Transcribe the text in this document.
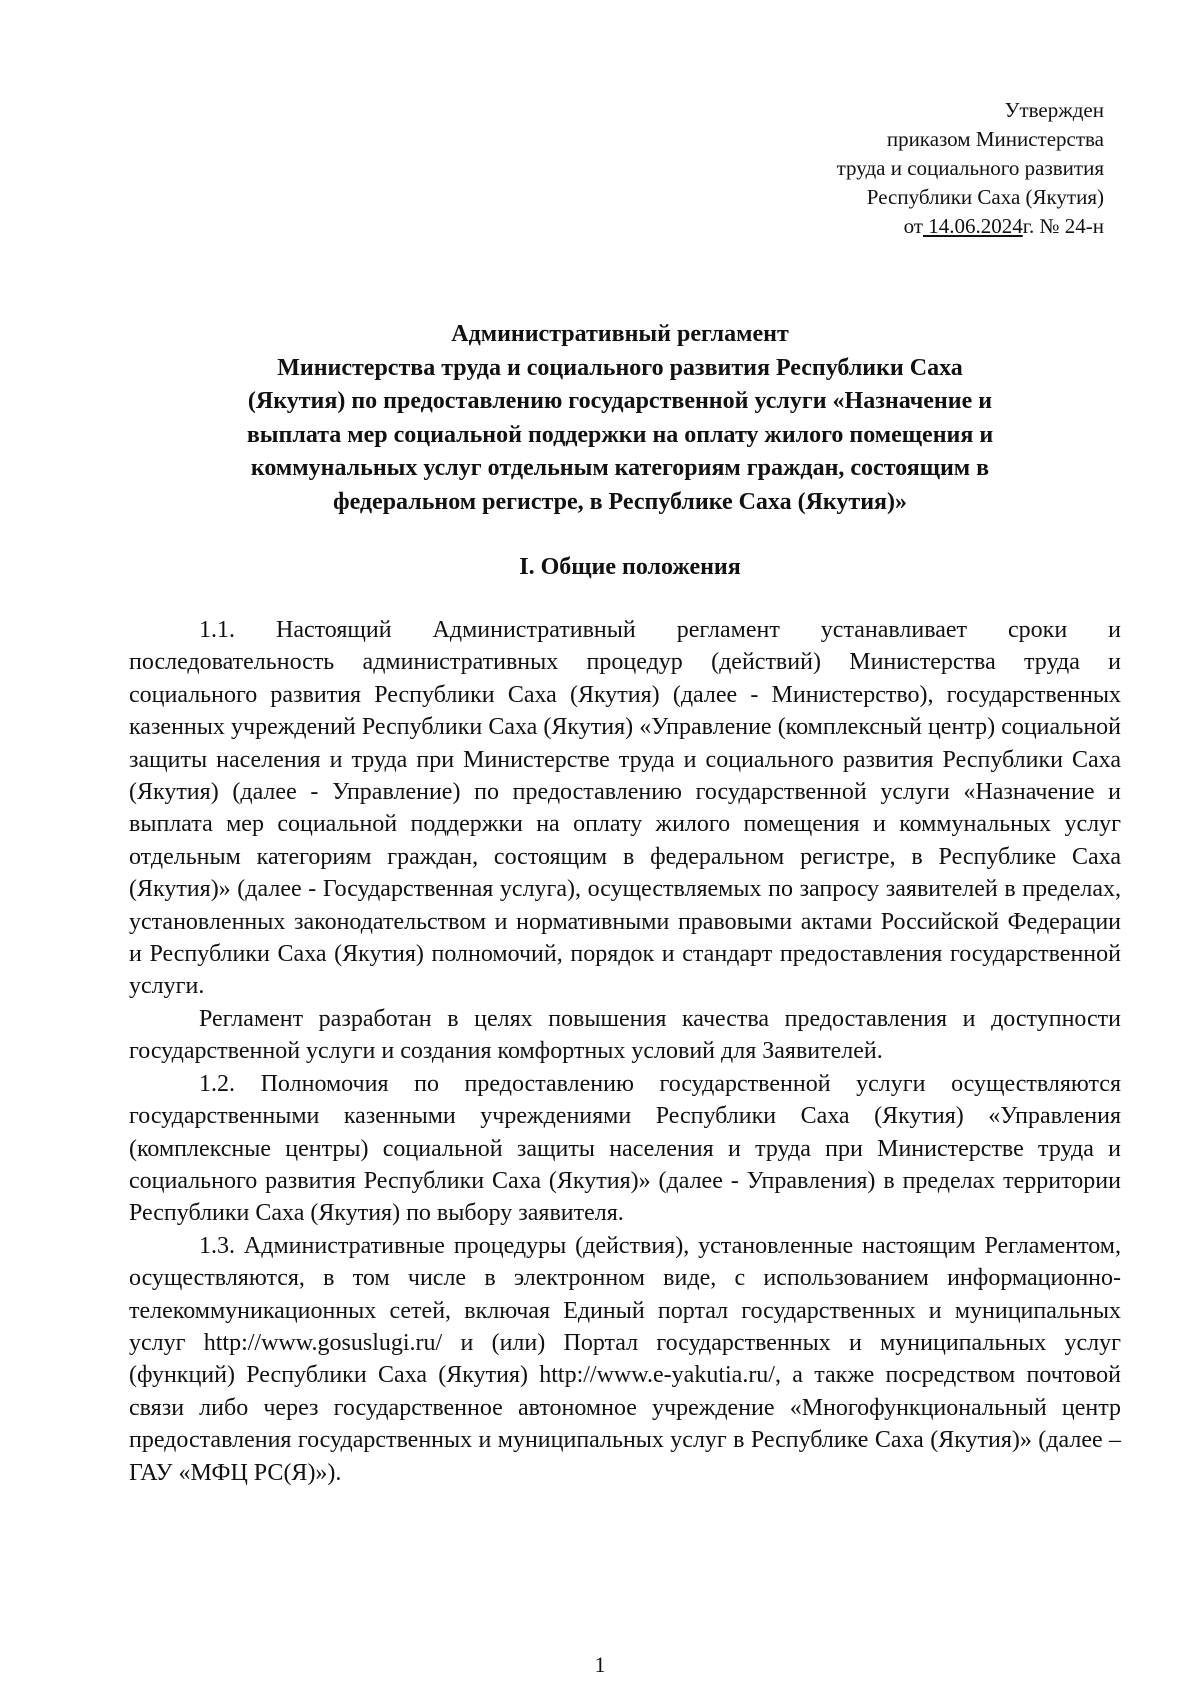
Утвержден
приказом Министерства
труда и социального развития
Республики Саха (Якутия)
от 14.06.2024г. № 24-н
Административный регламент
Министерства труда и социального развития Республики Саха
(Якутия) по предоставлению государственной услуги «Назначение и
выплата мер социальной поддержки на оплату жилого помещения и
коммунальных услуг отдельным категориям граждан, состоящим в
федеральном регистре, в Республике Саха (Якутия)»
I. Общие положения

1.1. Настоящий Административный регламент устанавливает сроки и последовательность административных процедур (действий) Министерства труда и социального развития Республики Саха (Якутия) (далее - Министерство), государственных казенных учреждений Республики Саха (Якутия) «Управление (комплексный центр) социальной защиты населения и труда при Министерстве труда и социального развития Республики Саха (Якутия) (далее - Управление) по предоставлению государственной услуги «Назначение и выплата мер социальной поддержки на оплату жилого помещения и коммунальных услуг отдельным категориям граждан, состоящим в федеральном регистре, в Республике Саха (Якутия)» (далее - Государственная услуга), осуществляемых по запросу заявителей в пределах, установленных законодательством и нормативными правовыми актами Российской Федерации и Республики Саха (Якутия) полномочий, порядок и стандарт предоставления государственной услуги.

Регламент разработан в целях повышения качества предоставления и доступности государственной услуги и создания комфортных условий для Заявителей.

1.2. Полномочия по предоставлению государственной услуги осуществляются государственными казенными учреждениями Республики Саха (Якутия) «Управления (комплексные центры) социальной защиты населения и труда при Министерстве труда и социального развития Республики Саха (Якутия)» (далее - Управления) в пределах территории Республики Саха (Якутия) по выбору заявителя.

1.3. Административные процедуры (действия), установленные настоящим Регламентом, осуществляются, в том числе в электронном виде, с использованием информационно-телекоммуникационных сетей, включая Единый портал государственных и муниципальных услуг http://www.gosuslugi.ru/ и (или) Портал государственных и муниципальных услуг (функций) Республики Саха (Якутия) http://www.e-yakutia.ru/, а также посредством почтовой связи либо через государственное автономное учреждение «Многофункциональный центр предоставления государственных и муниципальных услуг в Республике Саха (Якутия)» (далее – ГАУ «МФЦ РС(Я)»).

1
